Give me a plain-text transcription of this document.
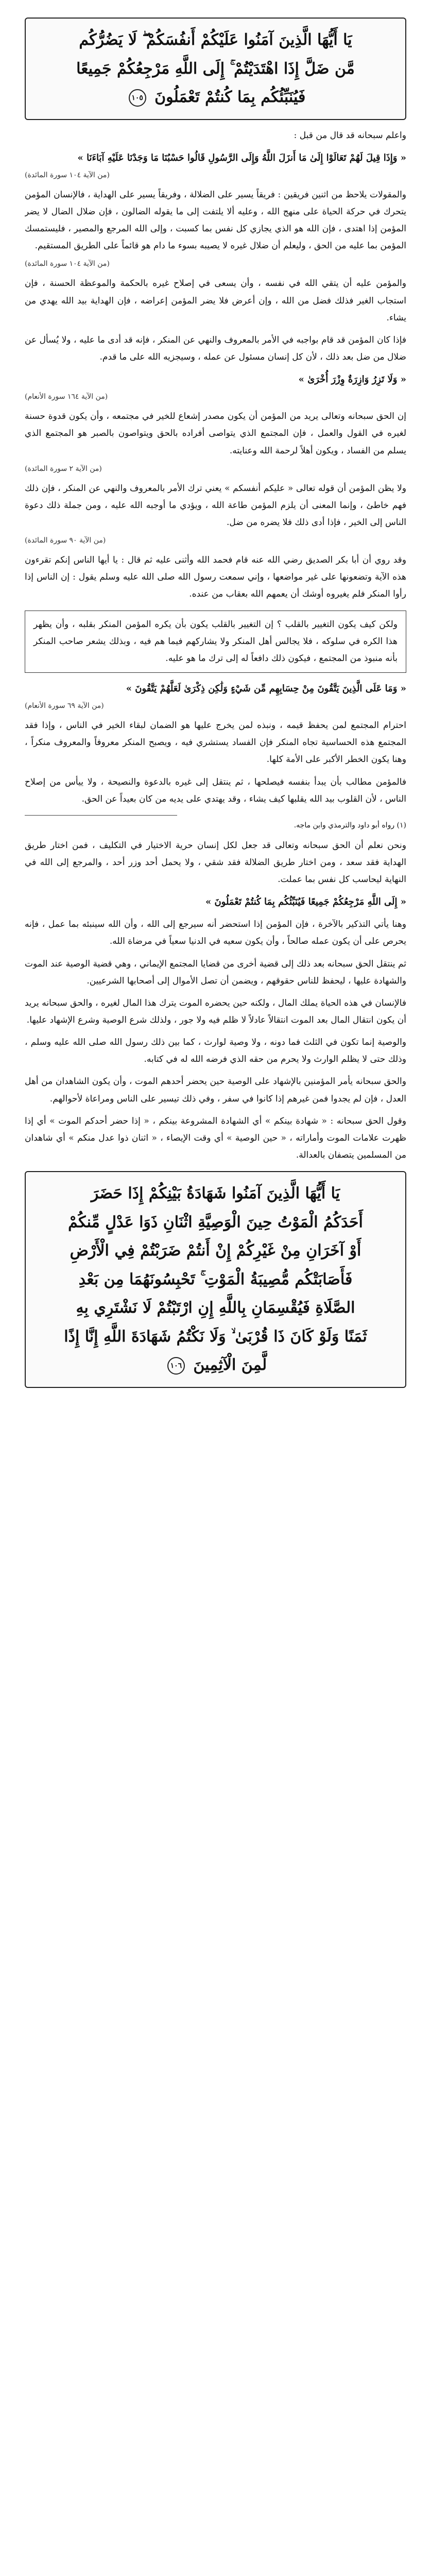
يَا أَيُّهَا الَّذِينَ آمَنُوا عَلَيْكُمْ أَنفُسَكُمْ ۖ لَا يَضُرُّكُم
مَّن ضَلَّ إِذَا اهْتَدَيْتُمْ ۚ إِلَى اللَّهِ مَرْجِعُكُمْ جَمِيعًا
فَيُنَبِّئُكُم بِمَا كُنتُمْ تَعْمَلُونَ ١٠٥
واعلم سبحانه قد قال من قبل :
« وَإِذَا قِيلَ لَهُمْ تَعَالَوْا إِلَىٰ مَا أَنزَلَ اللَّهُ وَإِلَى الرَّسُولِ قَالُوا حَسْبُنَا مَا وَجَدْنَا عَلَيْهِ آبَاءَنَا »
(من الآية ١٠٤ سورة المائدة)
والمقولات يلاحظ من اثنين فريقين : فريقاً يسير على الضلالة ، وفريقاً يسير على الهداية ، فالإنسان المؤمن يتحرك في حركة الحياة على منهج الله ، وعليه ألا يلتفت إلى ما يقوله الضالون ، فإن ضلال الضال لا يضر المؤمن إذا اهتدى ، فإن الله هو الذي يجازي كل نفس بما كسبت ، وإلى الله المرجع والمصير ، فليستمسك المؤمن بما عليه من الحق ، وليعلم أن ضلال غيره لا يصيبه بسوء ما دام هو قائماً على الطريق المستقيم.
(من الآية ١٠٤ سورة المائدة)
والمؤمن عليه أن يتقي الله في نفسه ، وأن يسعى في إصلاح غيره بالحكمة والموعظة الحسنة ، فإن استجاب الغير فذلك فضل من الله ، وإن أعرض فلا يضر المؤمن إعراضه ، فإن الهداية بيد الله يهدي من يشاء.
فإذا كان المؤمن قد قام بواجبه في الأمر بالمعروف والنهي عن المنكر ، فإنه قد أدى ما عليه ، ولا يُسأل عن ضلال من ضل بعد ذلك ، لأن كل إنسان مسئول عن عمله ، وسيجزيه الله على ما قدم.
« وَلَا تَزِرُ وَازِرَةٌ وِزْرَ أُخْرَىٰ »
(من الآية ١٦٤ سورة الأنعام)
إن الحق سبحانه وتعالى يريد من المؤمن أن يكون مصدر إشعاع للخير في مجتمعه ، وأن يكون قدوة حسنة لغيره في القول والعمل ، فإن المجتمع الذي يتواصى أفراده بالحق ويتواصون بالصبر هو المجتمع الذي يسلم من الفساد ، ويكون أهلاً لرحمة الله وعنايته.
(من الآية ٢ سورة المائدة)
ولا يظن المؤمن أن قوله تعالى « عليكم أنفسكم » يعني ترك الأمر بالمعروف والنهي عن المنكر ، فإن ذلك فهم خاطئ ، وإنما المعنى أن يلزم المؤمن طاعة الله ، ويؤدي ما أوجبه الله عليه ، ومن جملة ذلك دعوة الناس إلى الخير ، فإذا أدى ذلك فلا يضره من ضل.
(من الآية ٩٠ سورة المائدة)
وقد روي أن أبا بكر الصديق رضي الله عنه قام فحمد الله وأثنى عليه ثم قال : يا أيها الناس إنكم تقرءون هذه الآية وتضعونها على غير مواضعها ، وإني سمعت رسول الله صلى الله عليه وسلم يقول : إن الناس إذا رأوا المنكر فلم يغيروه أوشك أن يعمهم الله بعقاب من عنده.
ولكن كيف يكون التغيير بالقلب ؟ إن التغيير بالقلب يكون بأن يكره المؤمن المنكر بقلبه ، وأن يظهر هذا الكره في سلوكه ، فلا يجالس أهل المنكر ولا يشاركهم فيما هم فيه ، وبذلك يشعر صاحب المنكر بأنه منبوذ من المجتمع ، فيكون ذلك دافعاً له إلى ترك ما هو عليه.
« وَمَا عَلَى الَّذِينَ يَتَّقُونَ مِنْ حِسَابِهِم مِّن شَيْءٍ وَلَٰكِن ذِكْرَىٰ لَعَلَّهُمْ يَتَّقُونَ »
(من الآية ٦٩ سورة الأنعام)
احترام المجتمع لمن يحفظ قيمه ، ونبذه لمن يخرج عليها هو الضمان لبقاء الخير في الناس ، وإذا فقد المجتمع هذه الحساسية تجاه المنكر فإن الفساد يستشري فيه ، ويصبح المنكر معروفاً والمعروف منكراً ، وهنا يكون الخطر الأكبر على الأمة كلها.
فالمؤمن مطالب بأن يبدأ بنفسه فيصلحها ، ثم ينتقل إلى غيره بالدعوة والنصيحة ، ولا ييأس من إصلاح الناس ، لأن القلوب بيد الله يقلبها كيف يشاء ، وقد يهتدي على يديه من كان بعيداً عن الحق.
(١) رواه أبو داود والترمذي وابن ماجه.
ونحن نعلم أن الحق سبحانه وتعالى قد جعل لكل إنسان حرية الاختيار في التكليف ، فمن اختار طريق الهداية فقد سعد ، ومن اختار طريق الضلالة فقد شقي ، ولا يحمل أحد وزر أحد ، والمرجع إلى الله في النهاية ليحاسب كل نفس بما عملت.
« إِلَى اللَّهِ مَرْجِعُكُمْ جَمِيعًا فَيُنَبِّئُكُم بِمَا كُنتُمْ تَعْمَلُونَ »
وهنا يأتي التذكير بالآخرة ، فإن المؤمن إذا استحضر أنه سيرجع إلى الله ، وأن الله سينبئه بما عمل ، فإنه يحرص على أن يكون عمله صالحاً ، وأن يكون سعيه في الدنيا سعياً في مرضاة الله.
ثم ينتقل الحق سبحانه بعد ذلك إلى قضية أخرى من قضايا المجتمع الإيماني ، وهي قضية الوصية عند الموت والشهادة عليها ، ليحفظ للناس حقوقهم ، ويضمن أن تصل الأموال إلى أصحابها الشرعيين.
فالإنسان في هذه الحياة يملك المال ، ولكنه حين يحضره الموت يترك هذا المال لغيره ، والحق سبحانه يريد أن يكون انتقال المال بعد الموت انتقالاً عادلاً لا ظلم فيه ولا جور ، ولذلك شرع الوصية وشرع الإشهاد عليها.
والوصية إنما تكون في الثلث فما دونه ، ولا وصية لوارث ، كما بين ذلك رسول الله صلى الله عليه وسلم ، وذلك حتى لا يظلم الوارث ولا يحرم من حقه الذي فرضه الله له في كتابه.
والحق سبحانه يأمر المؤمنين بالإشهاد على الوصية حين يحضر أحدهم الموت ، وأن يكون الشاهدان من أهل العدل ، فإن لم يجدوا فمن غيرهم إذا كانوا في سفر ، وفي ذلك تيسير على الناس ومراعاة لأحوالهم.
وقول الحق سبحانه : « شهادة بينكم » أي الشهادة المشروعة بينكم ، « إذا حضر أحدكم الموت » أي إذا ظهرت علامات الموت وأماراته ، « حين الوصية » أي وقت الإيصاء ، « اثنان ذوا عدل منكم » أي شاهدان من المسلمين يتصفان بالعدالة.
يَا أَيُّهَا الَّذِينَ آمَنُوا شَهَادَةُ بَيْنِكُمْ إِذَا حَضَرَ
أَحَدَكُمُ الْمَوْتُ حِينَ الْوَصِيَّةِ اثْنَانِ ذَوَا عَدْلٍ مِّنكُمْ
أَوْ آخَرَانِ مِنْ غَيْرِكُمْ إِنْ أَنتُمْ ضَرَبْتُمْ فِي الْأَرْضِ
فَأَصَابَتْكُم مُّصِيبَةُ الْمَوْتِ ۚ تَحْبِسُونَهُمَا مِن بَعْدِ
الصَّلَاةِ فَيُقْسِمَانِ بِاللَّهِ إِنِ ارْتَبْتُمْ لَا نَشْتَرِي بِهِ
ثَمَنًا وَلَوْ كَانَ ذَا قُرْبَىٰ ۙ وَلَا نَكْتُمُ شَهَادَةَ اللَّهِ إِنَّا إِذًا
لَّمِنَ الْآثِمِينَ ١٠٦
